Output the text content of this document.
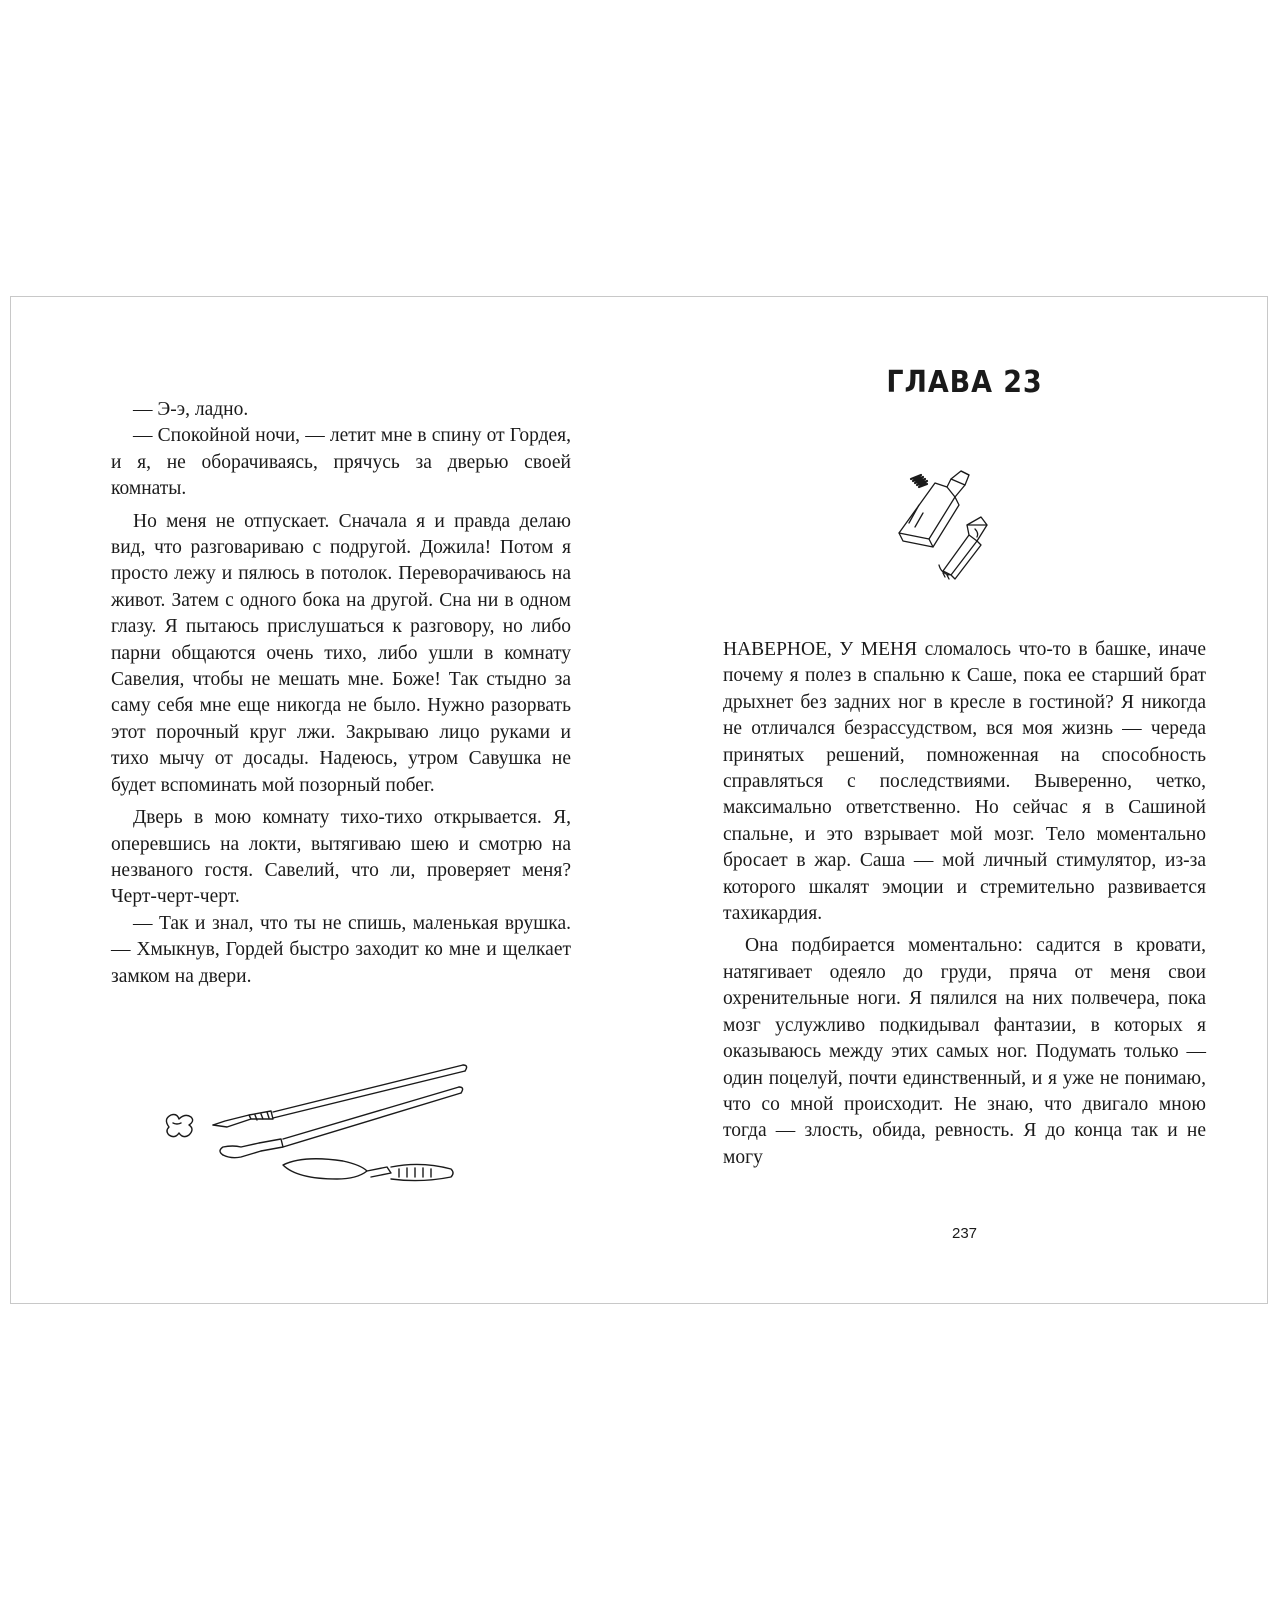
— Э-э, ладно.

— Спокойной ночи, — летит мне в спину от Гордея, и я, не оборачиваясь, прячусь за дверью своей комнаты.

Но меня не отпускает. Сначала я и правда делаю вид, что разговариваю с подругой. Дожила! Потом я просто лежу и пялюсь в потолок. Переворачиваюсь на живот. Затем с одного бока на другой. Сна ни в одном глазу. Я пытаюсь прислушаться к разговору, но либо парни общаются очень тихо, либо ушли в комнату Савелия, чтобы не мешать мне. Боже! Так стыдно за саму себя мне еще никогда не было. Нужно разорвать этот порочный круг лжи. Закрываю лицо руками и тихо мычу от досады. Надеюсь, утром Савушка не будет вспоминать мой позорный побег.

Дверь в мою комнату тихо-тихо открывается. Я, оперевшись на локти, вытягиваю шею и смотрю на незваного гостя. Савелий, что ли, проверяет меня? Черт-черт-черт.

— Так и знал, что ты не спишь, маленькая врушка. — Хмыкнув, Гордей быстро заходит ко мне и щелкает замком на двери.

ГЛАВА 23

НАВЕРНОЕ, У МЕНЯ сломалось что-то в башке, иначе почему я полез в спальню к Саше, пока ее старший брат дрыхнет без задних ног в кресле в гостиной? Я никогда не отличался безрассудством, вся моя жизнь — череда принятых решений, помноженная на способность справляться с последствиями. Выверенно, четко, максимально ответственно. Но сейчас я в Сашиной спальне, и это взрывает мой мозг. Тело моментально бросает в жар. Саша — мой личный стимулятор, из-за которого шкалят эмоции и стремительно развивается тахикардия.

Она подбирается моментально: садится в кровати, натягивает одеяло до груди, пряча от меня свои охренительные ноги. Я пялился на них полвечера, пока мозг услужливо подкидывал фантазии, в которых я оказываюсь между этих самых ног. Подумать только — один поцелуй, почти единственный, и я уже не понимаю, что со мной происходит. Не знаю, что двигало мною тогда — злость, обида, ревность. Я до конца так и не могу

237
